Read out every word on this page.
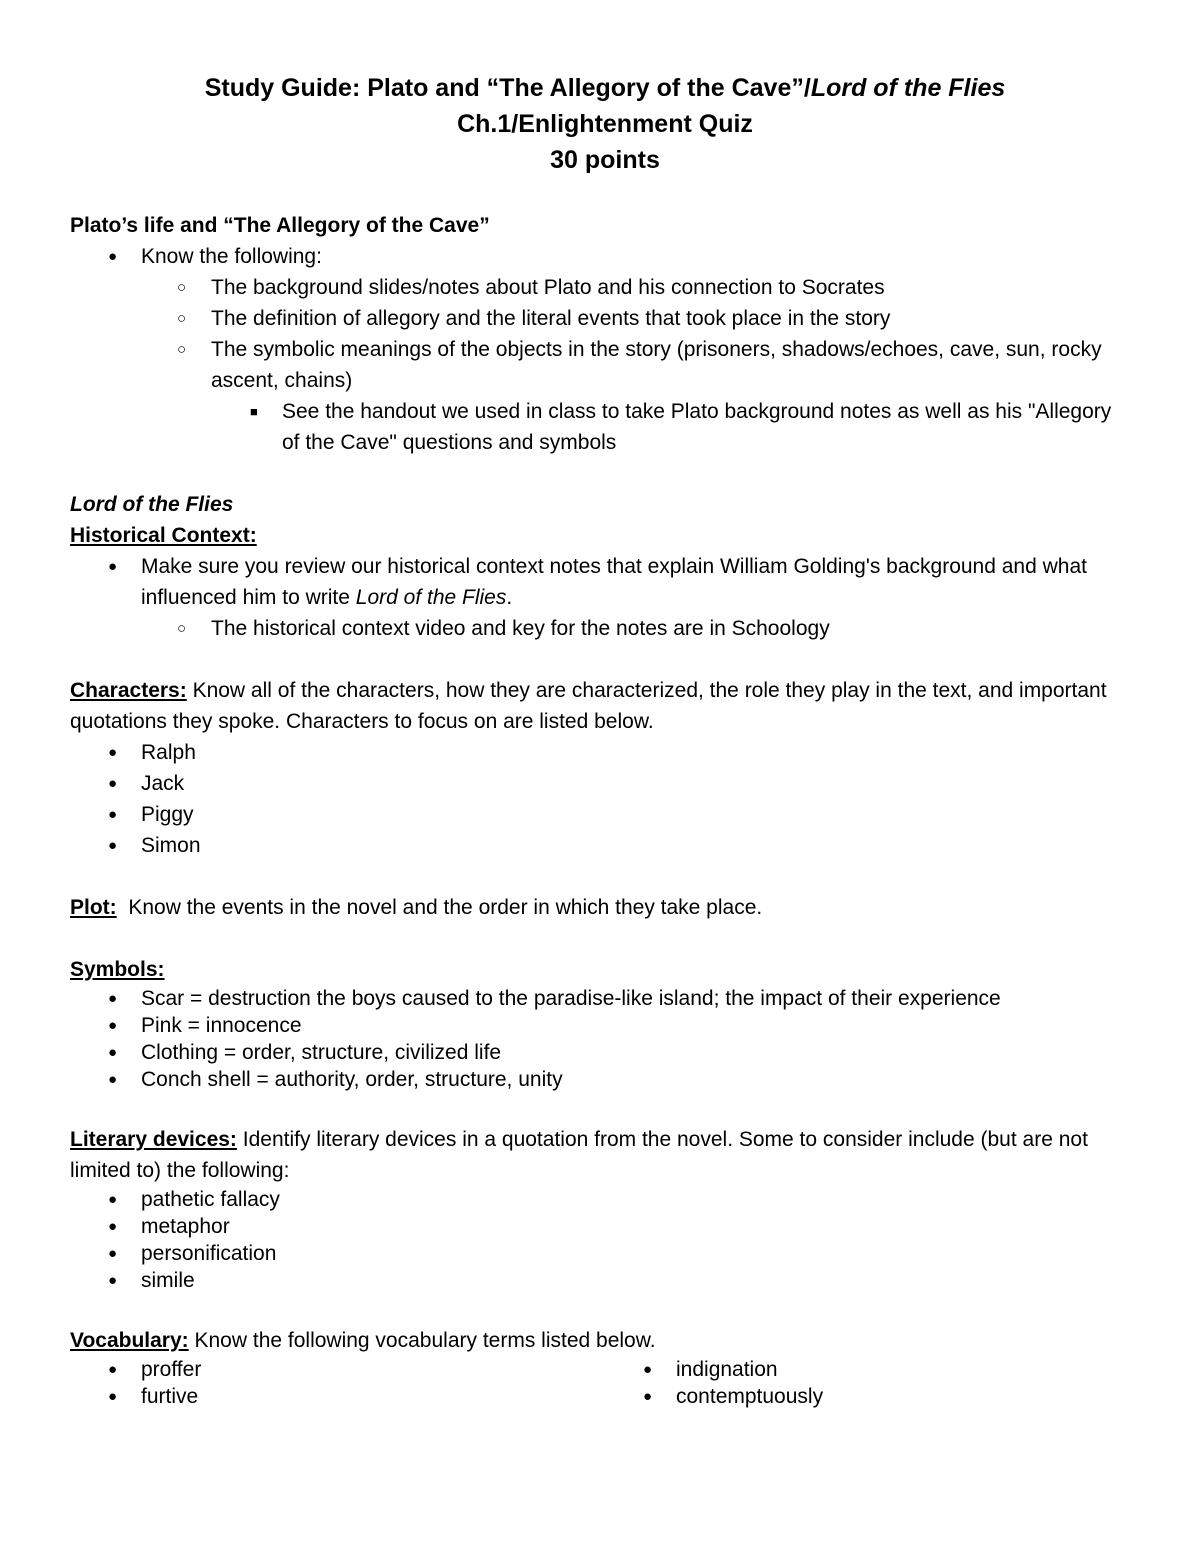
Study Guide: Plato and “The Allegory of the Cave”/Lord of the Flies
Ch.1/Enlightenment Quiz
30 points
Plato’s life and “The Allegory of the Cave”
● Know the following:
○ The background slides/notes about Plato and his connection to Socrates
○ The definition of allegory and the literal events that took place in the story
○ The symbolic meanings of the objects in the story (prisoners, shadows/echoes, cave, sun, rocky ascent, chains)
■ See the handout we used in class to take Plato background notes as well as his "Allegory of the Cave" questions and symbols
Lord of the Flies
Historical Context:
● Make sure you review our historical context notes that explain William Golding's background and what influenced him to write Lord of the Flies.
○ The historical context video and key for the notes are in Schoology
Characters: Know all of the characters, how they are characterized, the role they play in the text, and important quotations they spoke. Characters to focus on are listed below.
● Ralph
● Jack
● Piggy
● Simon
Plot:  Know the events in the novel and the order in which they take place.
Symbols:
● Scar = destruction the boys caused to the paradise-like island; the impact of their experience
● Pink = innocence
● Clothing = order, structure, civilized life
● Conch shell = authority, order, structure, unity
Literary devices: Identify literary devices in a quotation from the novel. Some to consider include (but are not limited to) the following:
● pathetic fallacy
● metaphor
● personification
● simile
Vocabulary: Know the following vocabulary terms listed below.
● proffer
● furtive
● indignation
● contemptuously
